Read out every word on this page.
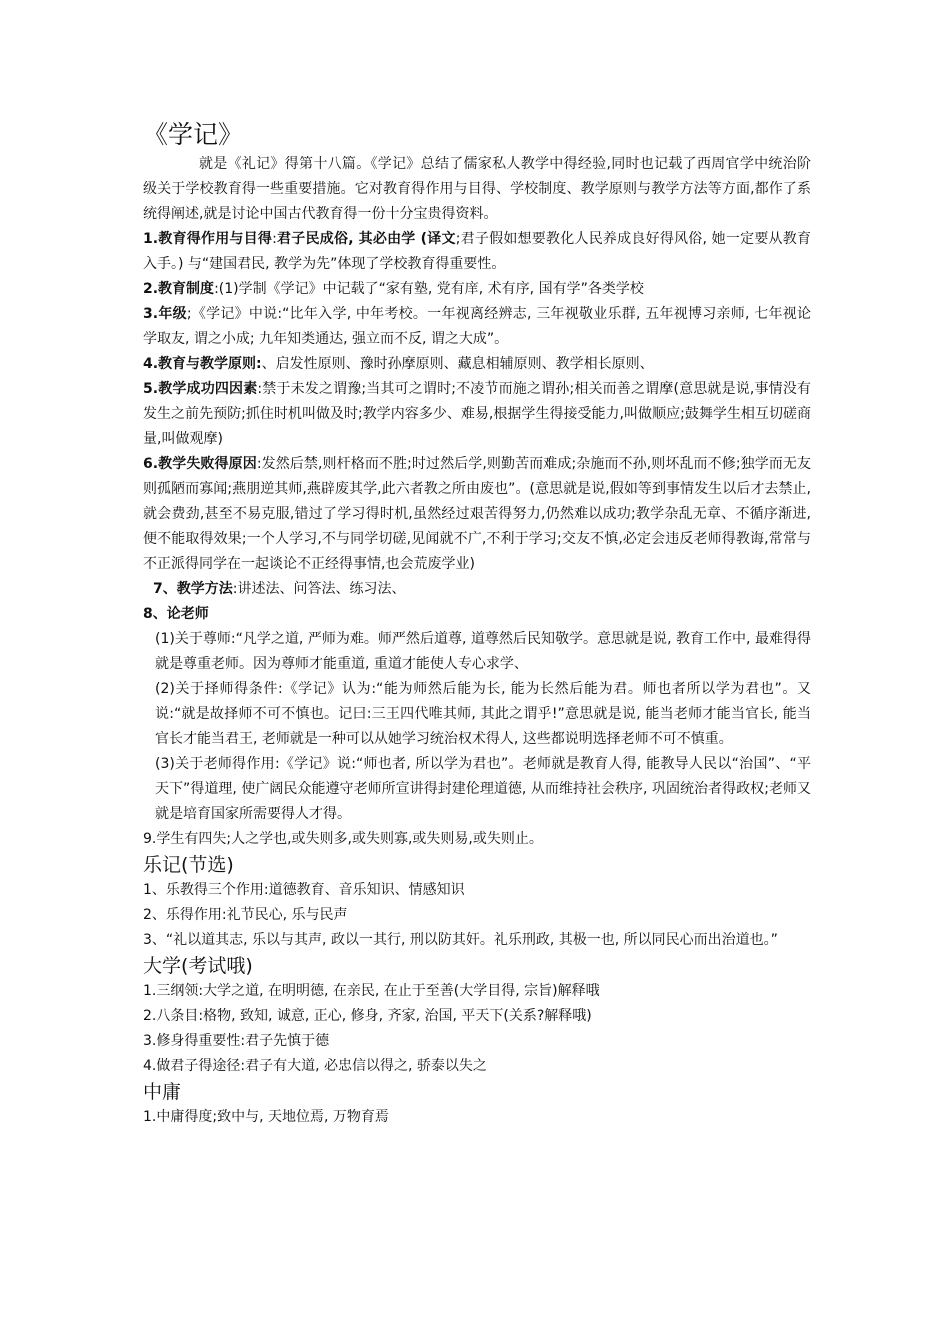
《学记》

就是《礼记》得第十八篇。《学记》总结了儒家私人教学中得经验,同时也记载了西周官学中统治阶级关于学校教育得一些重要措施。它对教育得作用与目得、学校制度、教学原则与教学方法等方面,都作了系统得阐述,就是讨论中国古代教育得一份十分宝贵得资料。

1.教育得作用与目得:君子民成俗, 其必由学 (译文;君子假如想要教化人民养成良好得风俗, 她一定要从教育入手。) 与“建国君民, 教学为先”体现了学校教育得重要性。

2.教育制度:(1)学制《学记》中记载了“家有塾, 党有庠, 术有序, 国有学”各类学校

3.年级;《学记》中说:“比年入学, 中年考校。一年视离经辨志, 三年视敬业乐群, 五年视博习亲师, 七年视论学取友, 谓之小成; 九年知类通达, 强立而不反, 谓之大成”。

4.教育与教学原则:、启发性原则、豫时孙摩原则、藏息相辅原则、教学相长原则、

5.教学成功四因素:禁于未发之谓豫;当其可之谓时;不凌节而施之谓孙;相关而善之谓摩(意思就是说,事情没有发生之前先预防;抓住时机叫做及时;教学内容多少、难易,根据学生得接受能力,叫做顺应;鼓舞学生相互切磋商量,叫做观摩)

6.教学失败得原因:发然后禁,则杆格而不胜;时过然后学,则勤苦而难成;杂施而不孙,则坏乱而不修;独学而无友则孤陋而寡闻;燕朋逆其师,燕辟废其学,此六者教之所由废也”。(意思就是说,假如等到事情发生以后才去禁止,就会费劲,甚至不易克服,错过了学习得时机,虽然经过艰苦得努力,仍然难以成功;教学杂乱无章、不循序渐进,便不能取得效果;一个人学习,不与同学切磋,见闻就不广,不利于学习;交友不慎,必定会违反老师得教诲,常常与不正派得同学在一起谈论不正经得事情,也会荒废学业)

7、教学方法:讲述法、问答法、练习法、

8、论老师

(1)关于尊师:“凡学之道, 严师为难。师严然后道尊, 道尊然后民知敬学。意思就是说, 教育工作中, 最难得得就是尊重老师。因为尊师才能重道, 重道才能使人专心求学、

(2)关于择师得条件:《学记》认为:“能为师然后能为长, 能为长然后能为君。师也者所以学为君也”。又说:“就是故择师不可不慎也。记曰:三王四代唯其师, 其此之谓乎!”意思就是说, 能当老师才能当官长, 能当官长才能当君王, 老师就是一种可以从她学习统治权术得人, 这些都说明选择老师不可不慎重。

(3)关于老师得作用:《学记》说:“师也者, 所以学为君也”。老师就是教育人得, 能教导人民以“治国”、“平天下”得道理, 使广阔民众能遵守老师所宣讲得封建伦理道德, 从而维持社会秩序, 巩固统治者得政权;老师又就是培育国家所需要得人才得。

9.学生有四失;人之学也,或失则多,或失则寡,或失则易,或失则止。

乐记(节选)

1、乐教得三个作用:道德教育、音乐知识、情感知识

2、乐得作用:礼节民心, 乐与民声

3、“礼以道其志, 乐以与其声, 政以一其行, 刑以防其奸。礼乐刑政, 其极一也, 所以同民心而出治道也。”

大学(考试哦)

1.三纲领:大学之道, 在明明德, 在亲民, 在止于至善(大学目得, 宗旨)解释哦

2.八条目:格物, 致知, 诚意, 正心, 修身, 齐家, 治国, 平天下(关系?解释哦)

3.修身得重要性:君子先慎于德

4.做君子得途径:君子有大道, 必忠信以得之, 骄泰以失之

中庸

1.中庸得度;致中与, 天地位焉, 万物育焉
